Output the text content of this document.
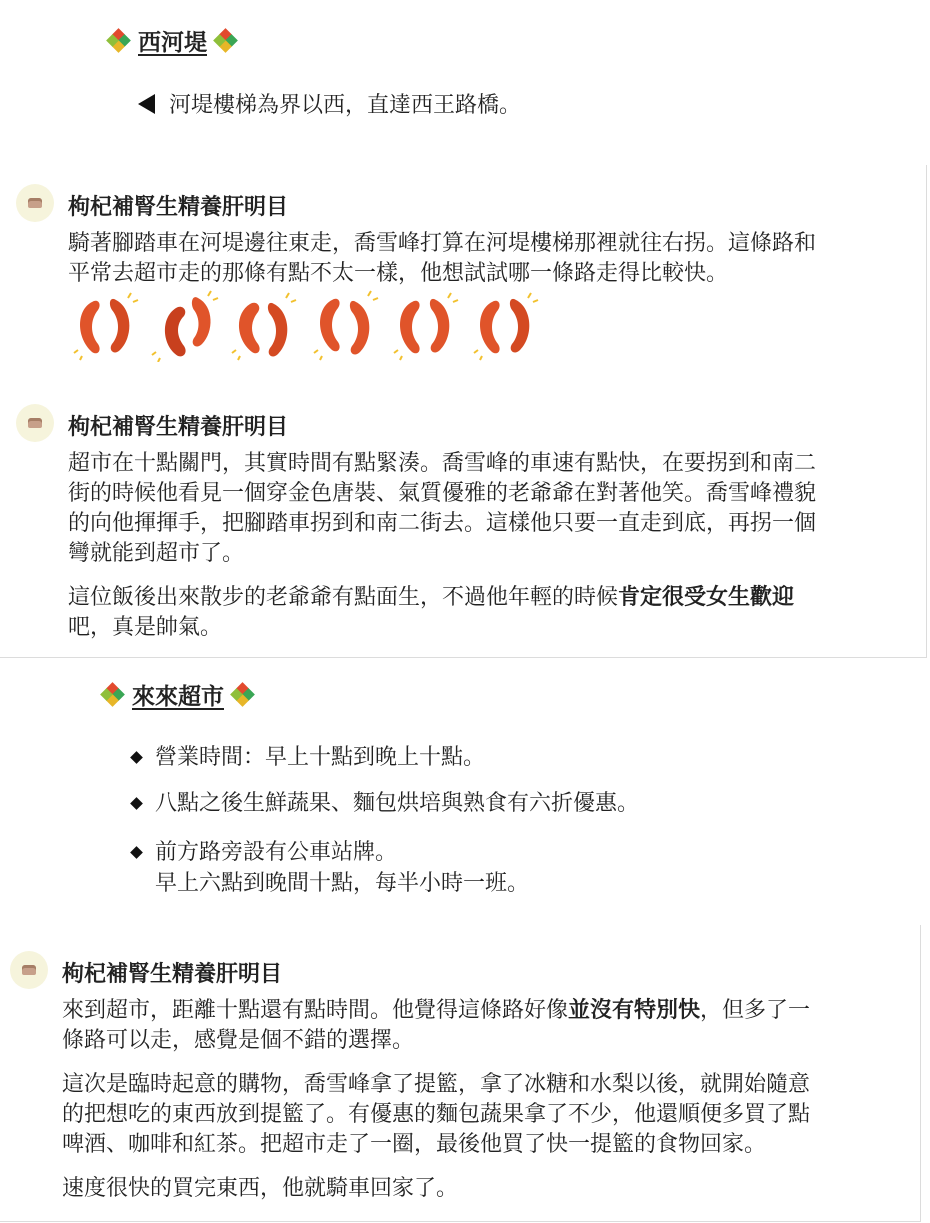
西河堤
河堤樓梯為界以西，直達西王路橋。
枸杞補腎生精養肝明目
騎著腳踏車在河堤邊往東走，喬雪峰打算在河堤樓梯那裡就往右拐。這條路和
平常去超市走的那條有點不太一樣，他想試試哪一條路走得比較快。
枸杞補腎生精養肝明目
超市在十點關門，其實時間有點緊湊。喬雪峰的車速有點快，在要拐到和南二
街的時候他看見一個穿金色唐裝、氣質優雅的老爺爺在對著他笑。喬雪峰禮貌
的向他揮揮手，把腳踏車拐到和南二街去。這樣他只要一直走到底，再拐一個
彎就能到超市了。
這位飯後出來散步的老爺爺有點面生，不過他年輕的時候肯定很受女生歡迎
吧，真是帥氣。
來來超市
營業時間：早上十點到晚上十點。
八點之後生鮮蔬果、麵包烘培與熟食有六折優惠。
前方路旁設有公車站牌。
早上六點到晚間十點，每半小時一班。
枸杞補腎生精養肝明目
來到超市，距離十點還有點時間。他覺得這條路好像並沒有特別快，但多了一
條路可以走，感覺是個不錯的選擇。
這次是臨時起意的購物，喬雪峰拿了提籃，拿了冰糖和水梨以後，就開始隨意
的把想吃的東西放到提籃了。有優惠的麵包蔬果拿了不少，他還順便多買了點
啤酒、咖啡和紅茶。把超市走了一圈，最後他買了快一提籃的食物回家。
速度很快的買完東西，他就騎車回家了。
